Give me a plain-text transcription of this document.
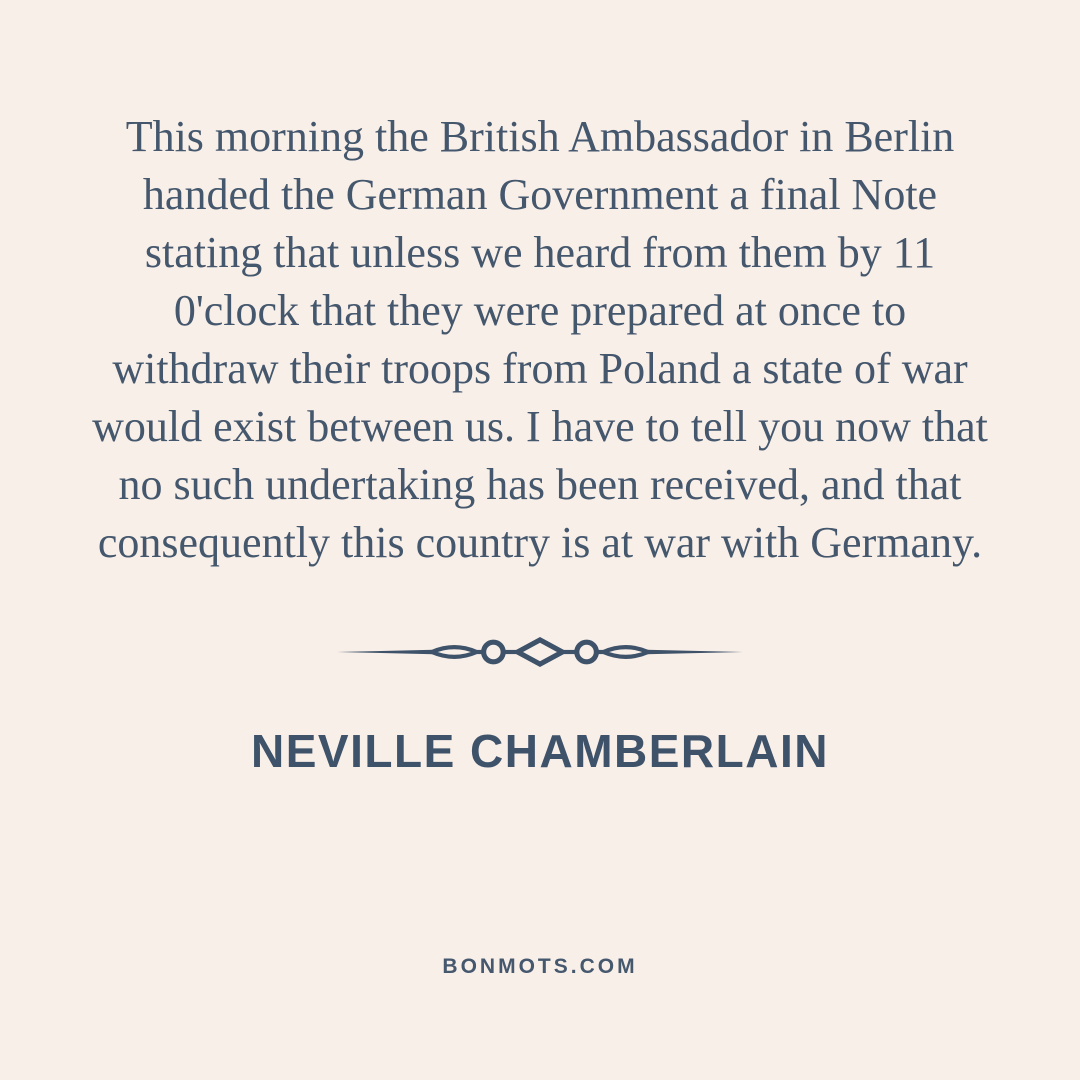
This morning the British Ambassador in Berlin
handed the German Government a final Note
stating that unless we heard from them by 11
0'clock that they were prepared at once to
withdraw their troops from Poland a state of war
would exist between us. I have to tell you now that
no such undertaking has been received, and that
consequently this country is at war with Germany.
NEVILLE CHAMBERLAIN
BONMOTS.COM
